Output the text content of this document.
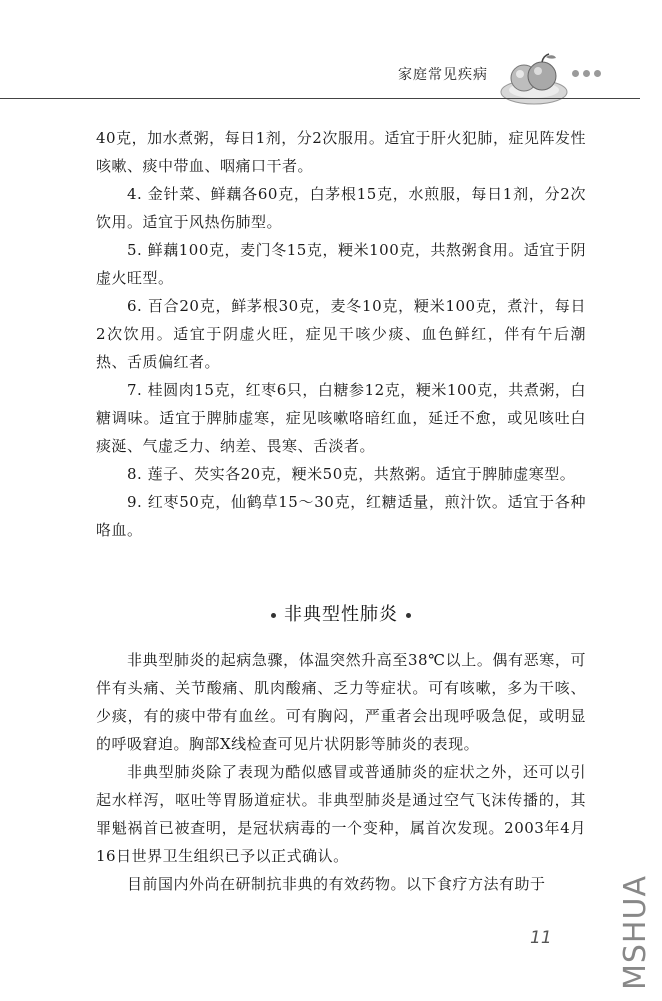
家庭常见疾病

40克，加水煮粥，每日1剂，分2次服用。适宜于肝火犯肺，症见阵发性咳嗽、痰中带血、咽痛口干者。

4. 金针菜、鲜藕各60克，白茅根15克，水煎服，每日1剂，分2次饮用。适宜于风热伤肺型。

5. 鲜藕100克，麦门冬15克，粳米100克，共熬粥食用。适宜于阴虚火旺型。

6. 百合20克，鲜茅根30克，麦冬10克，粳米100克，煮汁，每日2次饮用。适宜于阴虚火旺，症见干咳少痰、血色鲜红，伴有午后潮热、舌质偏红者。

7. 桂圆肉15克，红枣6只，白糖参12克，粳米100克，共煮粥，白糖调味。适宜于脾肺虚寒，症见咳嗽咯暗红血，延迁不愈，或见咳吐白痰涎、气虚乏力、纳差、畏寒、舌淡者。

8. 莲子、芡实各20克，粳米50克，共熬粥。适宜于脾肺虚寒型。

9. 红枣50克，仙鹤草15～30克，红糖适量，煎汁饮。适宜于各种咯血。

非典型性肺炎

非典型肺炎的起病急骤，体温突然升高至38℃以上。偶有恶寒，可伴有头痛、关节酸痛、肌肉酸痛、乏力等症状。可有咳嗽，多为干咳、少痰，有的痰中带有血丝。可有胸闷，严重者会出现呼吸急促，或明显的呼吸窘迫。胸部X线检查可见片状阴影等肺炎的表现。

非典型肺炎除了表现为酷似感冒或普通肺炎的症状之外，还可以引起水样泻，呕吐等胃肠道症状。非典型肺炎是通过空气飞沫传播的，其罪魁祸首已被查明，是冠状病毒的一个变种，属首次发现。2003年4月16日世界卫生组织已予以正式确认。

目前国内外尚在研制抗非典的有效药物。以下食疗方法有助于

11 MSHUA
